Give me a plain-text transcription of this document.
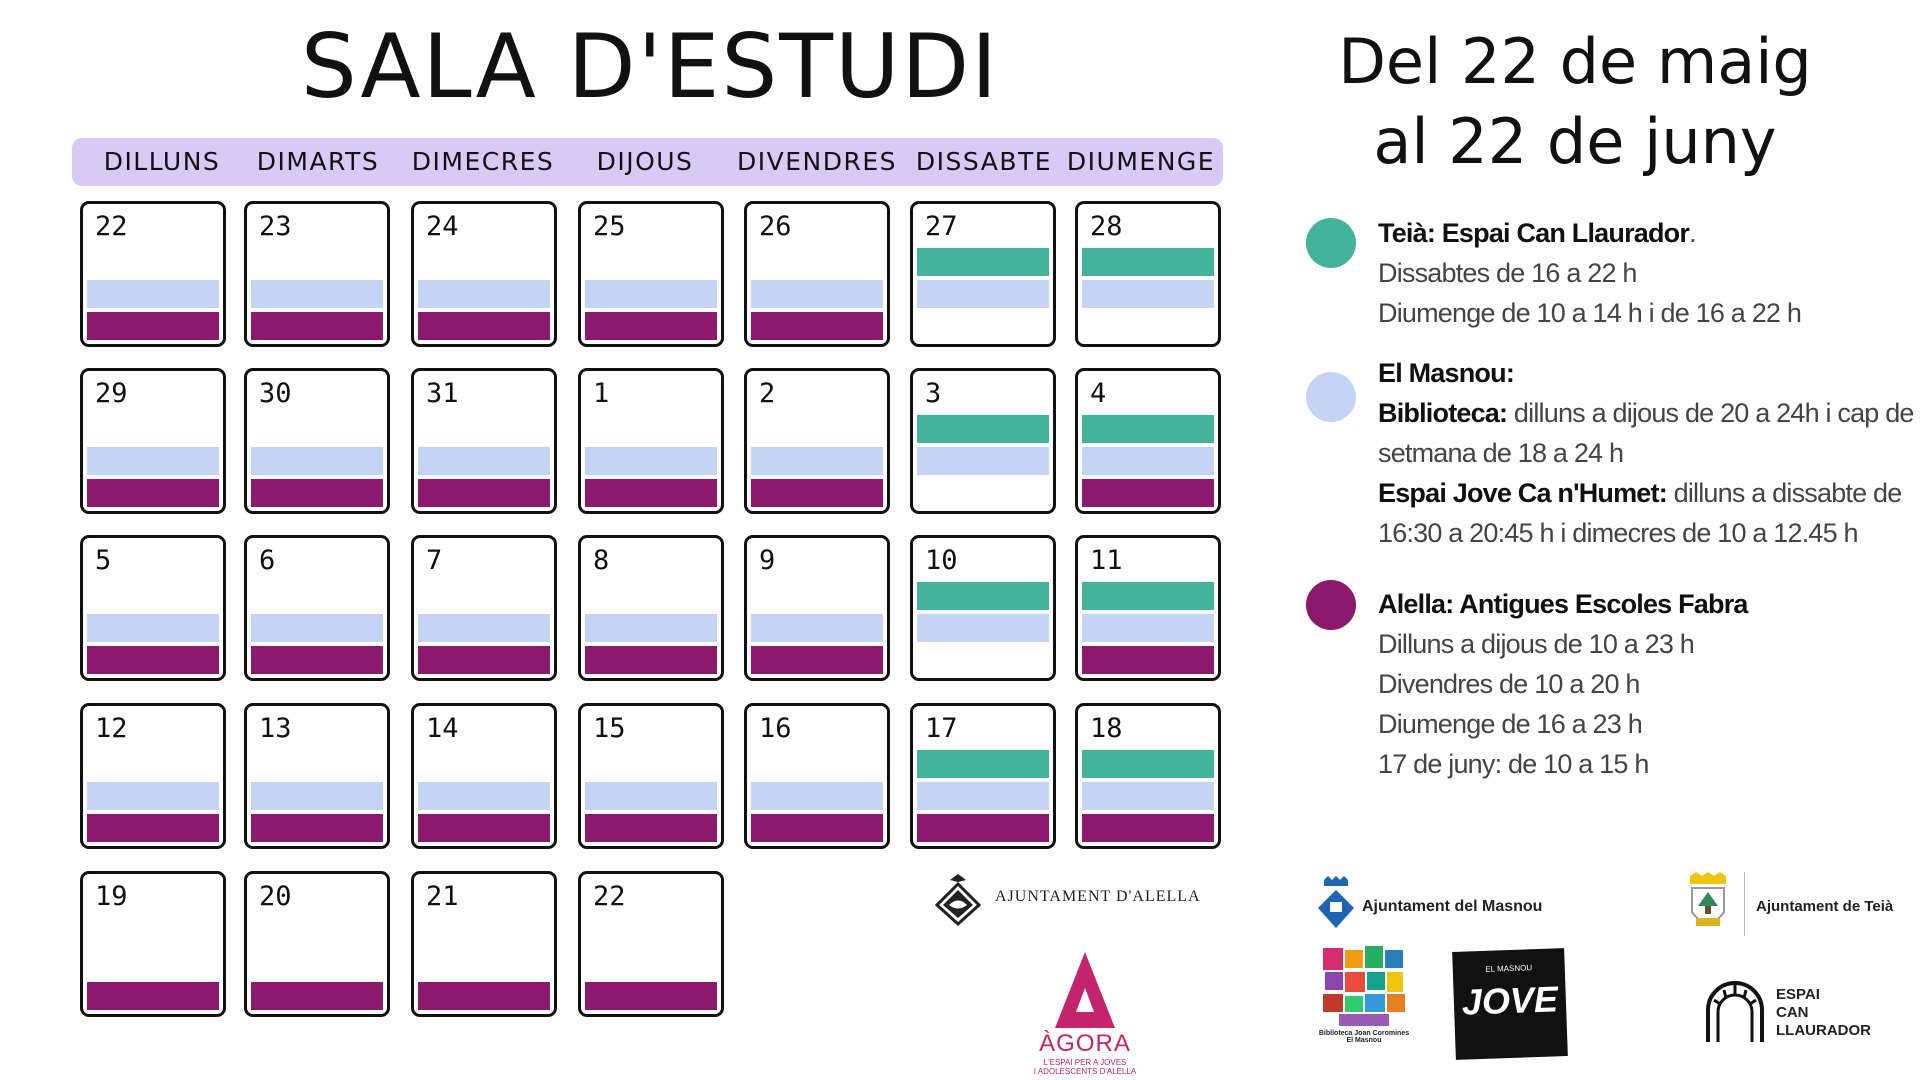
SALA D'ESTUDI
DILLUNS	DIMARTS	DIMECRES	DIJOUS	DIVENDRES DISSABTE DIUMENGE
22	23	24	25	26	27	28
29	30	31	1	2	3	4
5	6	7	8	9	10	11
12	13	14	15	16	17	18
19	20	21	22
Del 22 de maig
al 22 de juny
Teià: Espai Can Llaurador.
Dissabtes de 16 a 22 h
Diumenge de 10 a 14 h i de 16 a 22 h
El Masnou:
Biblioteca: dilluns a dijous de 20 a 24h i cap de
setmana de 18 a 24 h
Espai Jove Ca n'Humet: dilluns a dissabte de
16:30 a 20:45 h i dimecres de 10 a 12.45 h
Alella: Antigues Escoles Fabra
Dilluns a dijous de 10 a 23 h
Divendres de 10 a 20 h
Diumenge de 16 a 23 h
17 de juny: de 10 a 15 h
AJUNTAMENT D'ALELLA
ÀGORA
L'ESPAI PER A JOVES
I ADOLESCENTS D'ALELLA
Ajuntament del Masnou	Ajuntament de Teià
Biblioteca Joan Coromines
El Masnou
EL MASNOU
JOVE	ESPAI
CAN
LLAURADOR
